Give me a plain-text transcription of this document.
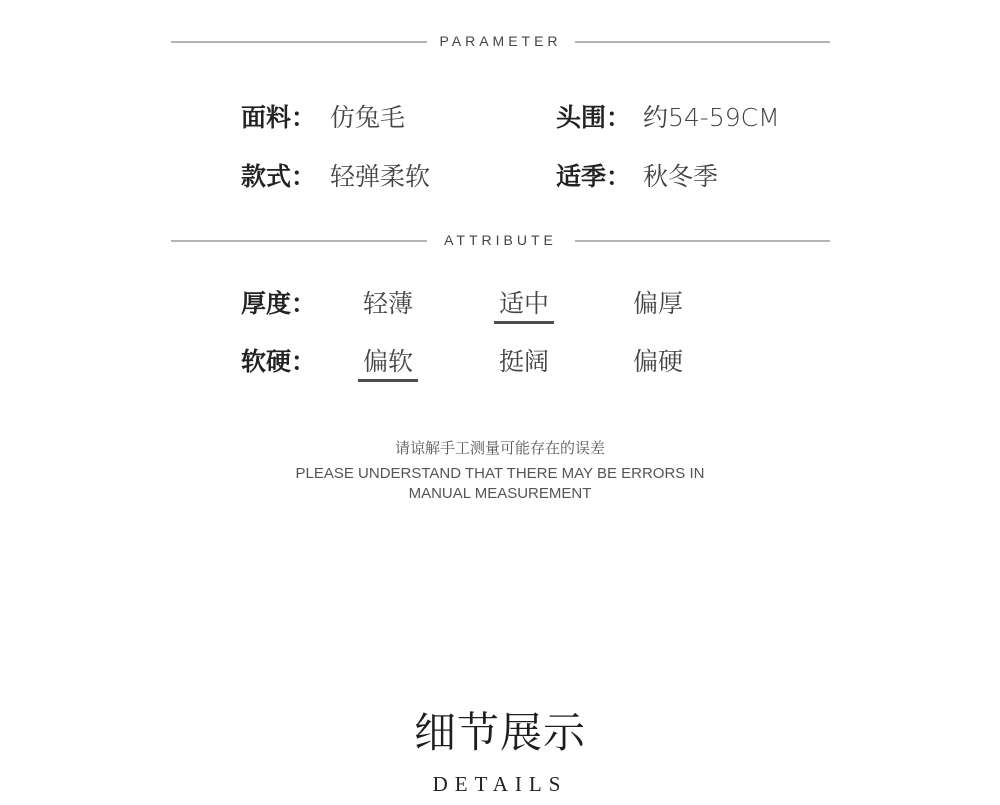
PARAMETER
面料： 仿兔毛	头围： 约54-59CM
款式： 轻弹柔软	适季： 秋冬季
ATTRIBUTE
厚度： 轻薄	适中	偏厚
软硬： 偏软	挺阔	偏硬
请谅解手工测量可能存在的误差
PLEASE UNDERSTAND THAT THERE MAY BE ERRORS IN MANUAL MEASUREMENT
细节展示
DETAILS
